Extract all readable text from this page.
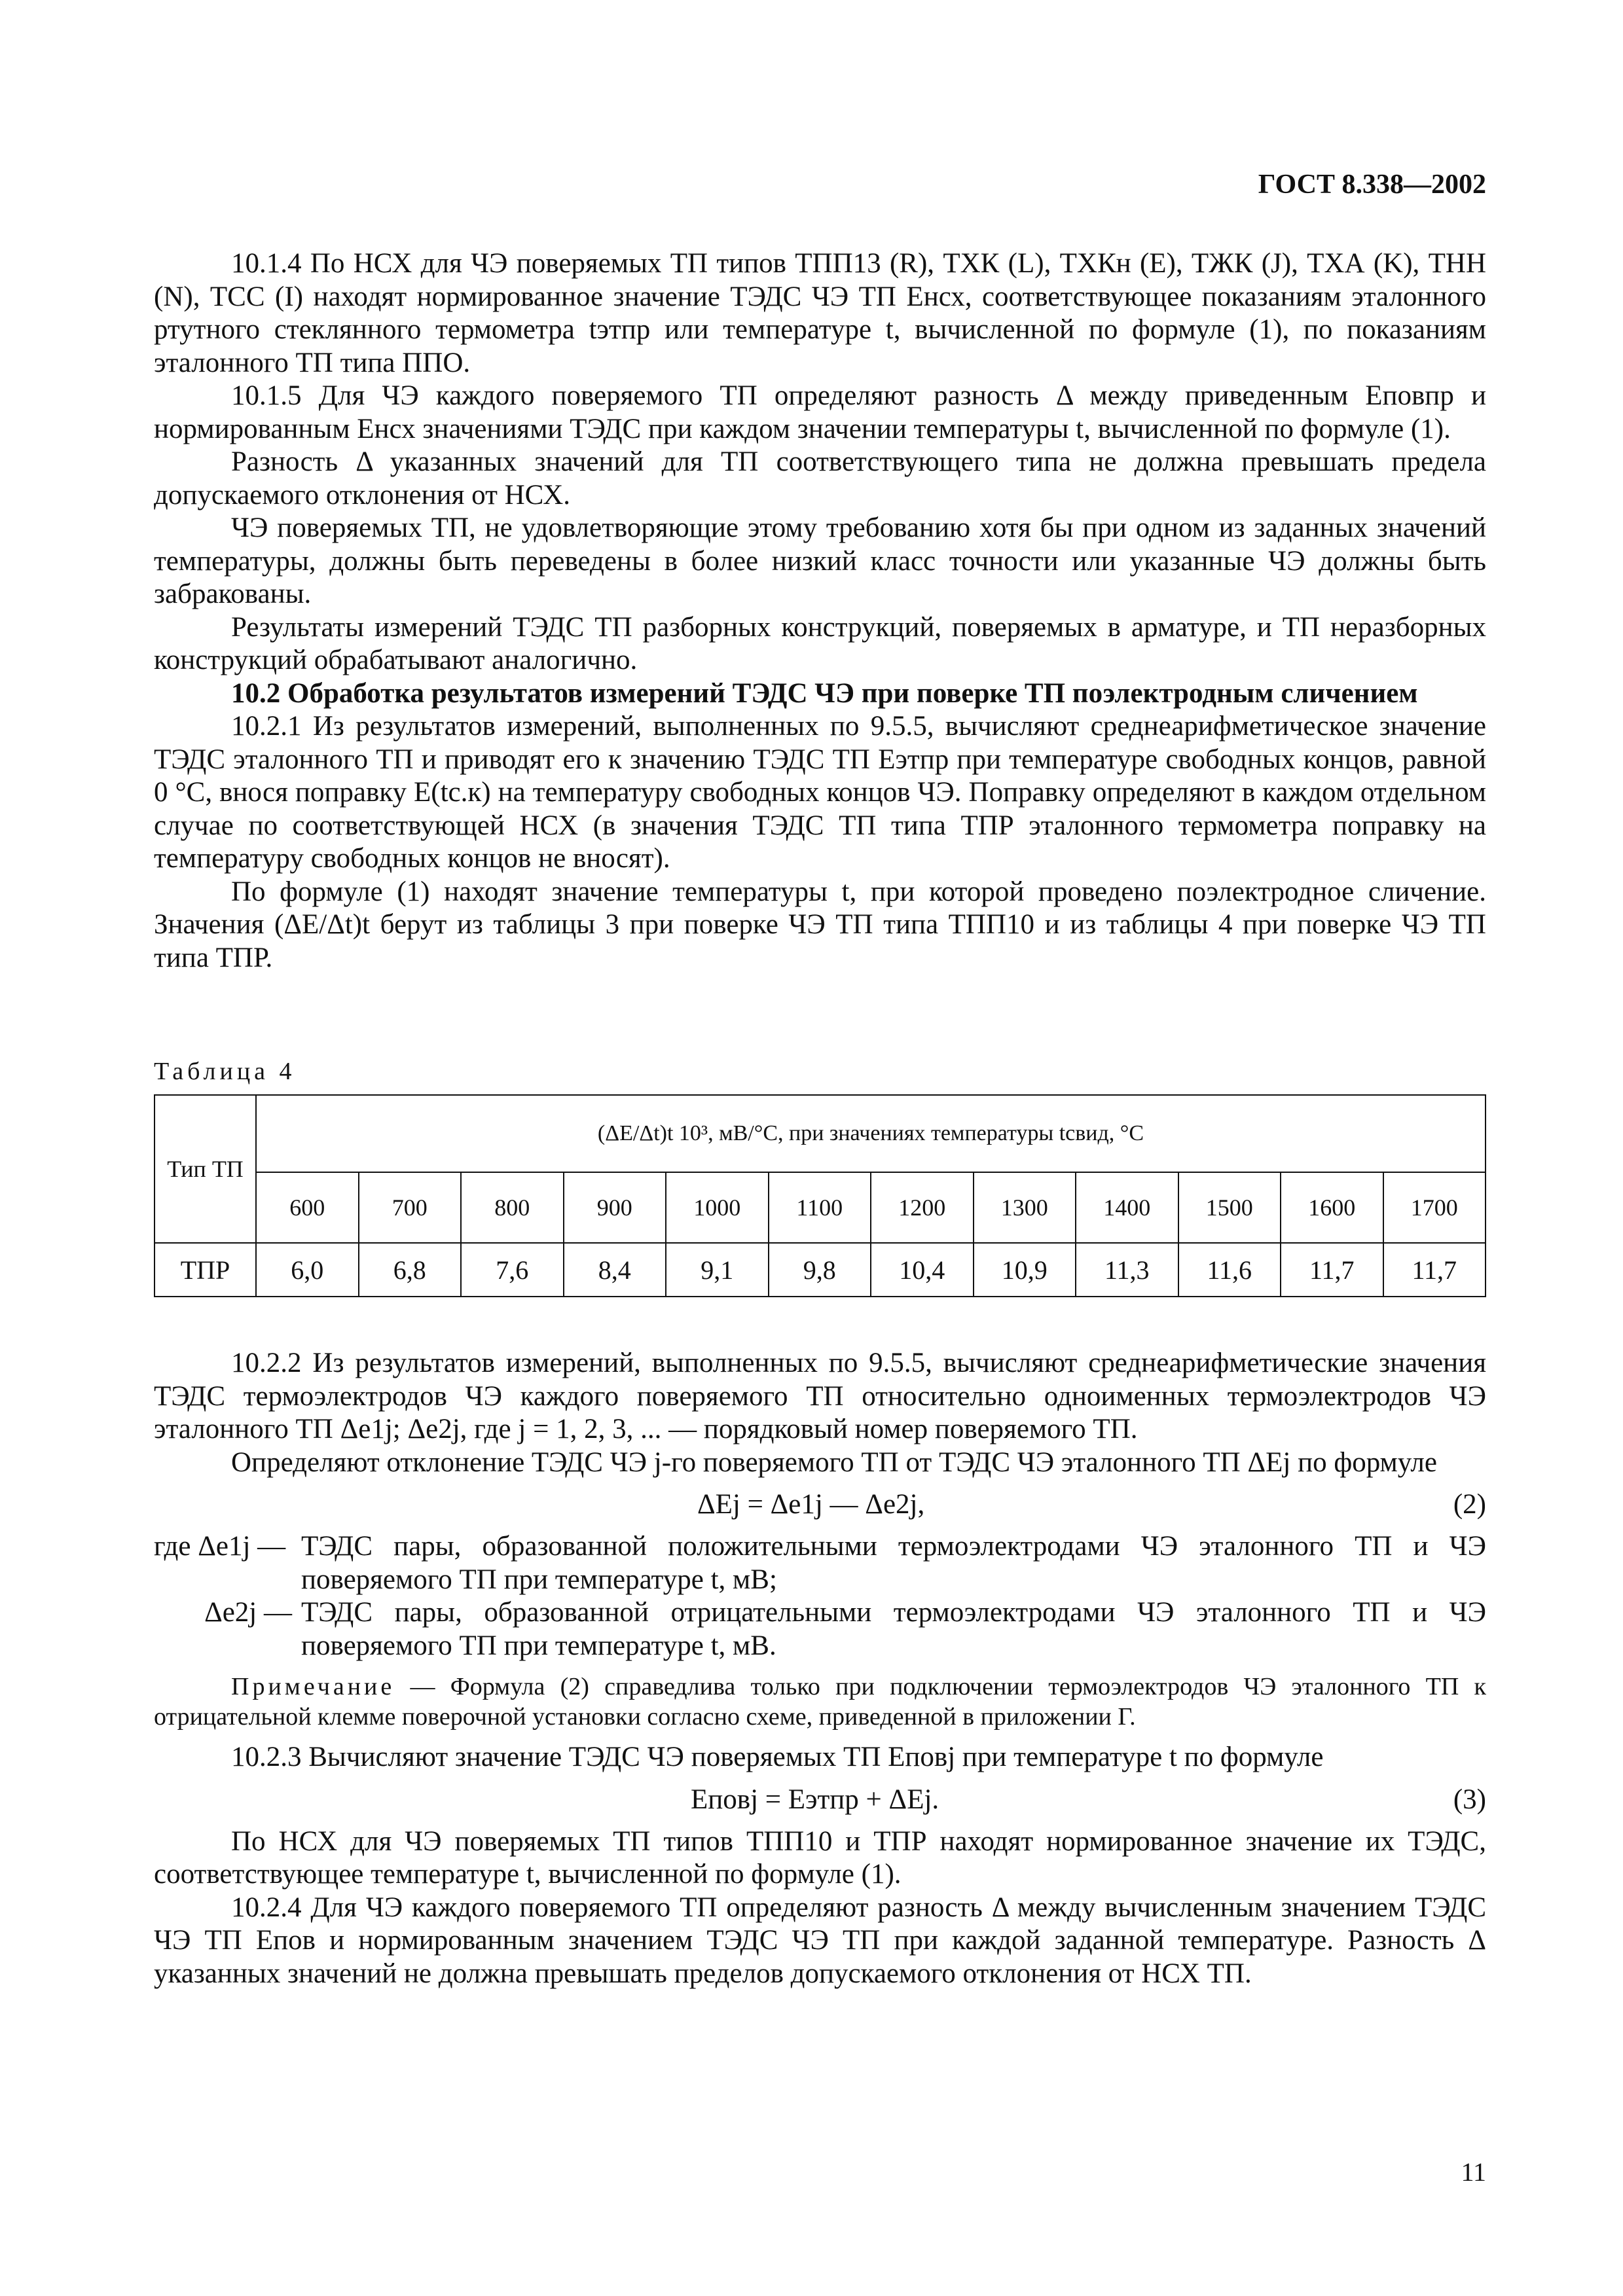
ГОСТ 8.338—2002

10.1.4 По НСХ для ЧЭ поверяемых ТП типов ТПП13 (R), ТХК (L), ТХКн (E), ТЖК (J), ТХА (K), ТНН (N), ТСС (I) находят нормированное значение ТЭДС ЧЭ ТП Eнсх, соответствующее показаниям эталонного ртутного стеклянного термометра tэтпр или температуре t, вычисленной по формуле (1), по показаниям эталонного ТП типа ППО.

10.1.5 Для ЧЭ каждого поверяемого ТП определяют разность Δ между приведенным Eповпр и нормированным Eнсх значениями ТЭДС при каждом значении температуры t, вычисленной по формуле (1).

Разность Δ указанных значений для ТП соответствующего типа не должна превышать предела допускаемого отклонения от НСХ.

ЧЭ поверяемых ТП, не удовлетворяющие этому требованию хотя бы при одном из заданных значений температуры, должны быть переведены в более низкий класс точности или указанные ЧЭ должны быть забракованы.

Результаты измерений ТЭДС ТП разборных конструкций, поверяемых в арматуре, и ТП неразборных конструкций обрабатывают аналогично.

10.2 Обработка результатов измерений ТЭДС ЧЭ при поверке ТП поэлектродным сличением

10.2.1 Из результатов измерений, выполненных по 9.5.5, вычисляют среднеарифметическое значение ТЭДС эталонного ТП и приводят его к значению ТЭДС ТП Eэтпр при температуре свободных концов, равной 0 °С, внося поправку E(tс.к) на температуру свободных концов ЧЭ. Поправку определяют в каждом отдельном случае по соответствующей НСХ (в значения ТЭДС ТП типа ТПР эталонного термометра поправку на температуру свободных концов не вносят).

По формуле (1) находят значение температуры t, при которой проведено поэлектродное сличение. Значения (ΔE/Δt)t берут из таблицы 3 при поверке ЧЭ ТП типа ТПП10 и из таблицы 4 при поверке ЧЭ ТП типа ТПР.

Таблица 4
Тип ТП	(ΔE/Δt)t 10³, мВ/°С, при значениях температуры tсвид, °С											
	600	700	800	900	1000	1100	1200	1300	1400	1500	1600	1700
ТПР	6,0	6,8	7,6	8,4	9,1	9,8	10,4	10,9	11,3	11,6	11,7	11,7

10.2.2 Из результатов измерений, выполненных по 9.5.5, вычисляют среднеарифметические значения ТЭДС термоэлектродов ЧЭ каждого поверяемого ТП относительно одноименных термоэлектродов ЧЭ эталонного ТП Δe1j; Δe2j, где j = 1, 2, 3, ... — порядковый номер поверяемого ТП.

Определяют отклонение ТЭДС ЧЭ j-го поверяемого ТП от ТЭДС ЧЭ эталонного ТП ΔEj по формуле

ΔEj = Δe1j — Δe2j,	(2)
где Δe1j — ТЭДС пары, образованной положительными термоэлектродами ЧЭ эталонного ТП и ЧЭ поверяемого ТП при температуре t, мВ;
Δe2j — ТЭДС пары, образованной отрицательными термоэлектродами ЧЭ эталонного ТП и ЧЭ поверяемого ТП при температуре t, мВ.
Примечание — Формула (2) справедлива только при подключении термоэлектродов ЧЭ эталонного ТП к отрицательной клемме поверочной установки согласно схеме, приведенной в приложении Г.

10.2.3 Вычисляют значение ТЭДС ЧЭ поверяемых ТП Eповj при температуре t по формуле

Eповj = Eэтпр + ΔEj.	(3)

По НСХ для ЧЭ поверяемых ТП типов ТПП10 и ТПР находят нормированное значение их ТЭДС, соответствующее температуре t, вычисленной по формуле (1).

10.2.4 Для ЧЭ каждого поверяемого ТП определяют разность Δ между вычисленным значением ТЭДС ЧЭ ТП Eпов и нормированным значением ТЭДС ЧЭ ТП при каждой заданной температуре. Разность Δ указанных значений не должна превышать пределов допускаемого отклонения от НСХ ТП.

11
